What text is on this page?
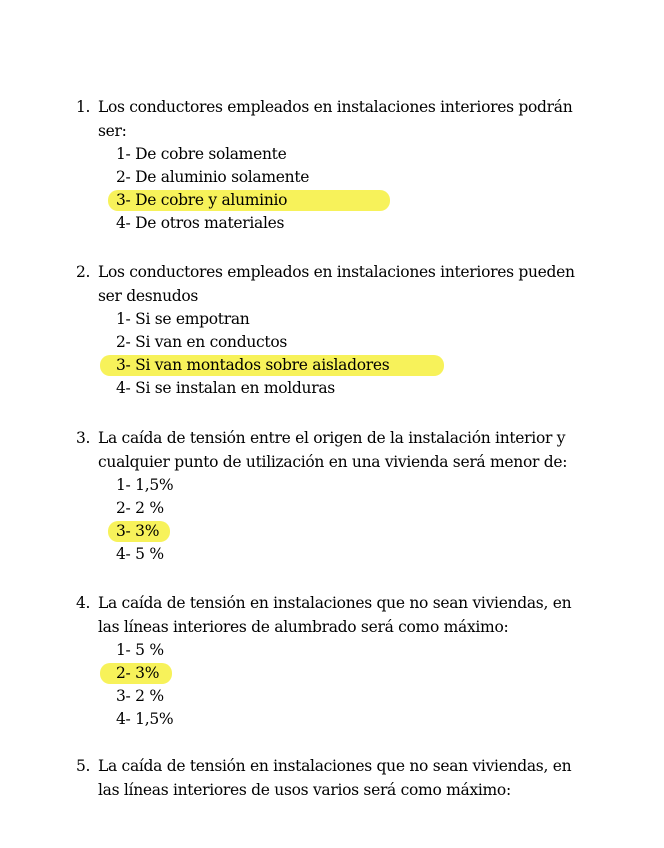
1. Los conductores empleados en instalaciones interiores podrán
ser:
1- De cobre solamente
2- De aluminio solamente
3- De cobre y aluminio
4- De otros materiales
2. Los conductores empleados en instalaciones interiores pueden
ser desnudos
1- Si se empotran
2- Si van en conductos
3- Si van montados sobre aisladores
4- Si se instalan en molduras
3. La caída de tensión entre el origen de la instalación interior y
cualquier punto de utilización en una vivienda será menor de:
1- 1,5%
2- 2 %
3- 3%
4- 5 %
4. La caída de tensión en instalaciones que no sean viviendas, en
las líneas interiores de alumbrado será como máximo:
1- 5 %
2- 3%
3- 2 %
4- 1,5%
5. La caída de tensión en instalaciones que no sean viviendas, en
las líneas interiores de usos varios será como máximo:
